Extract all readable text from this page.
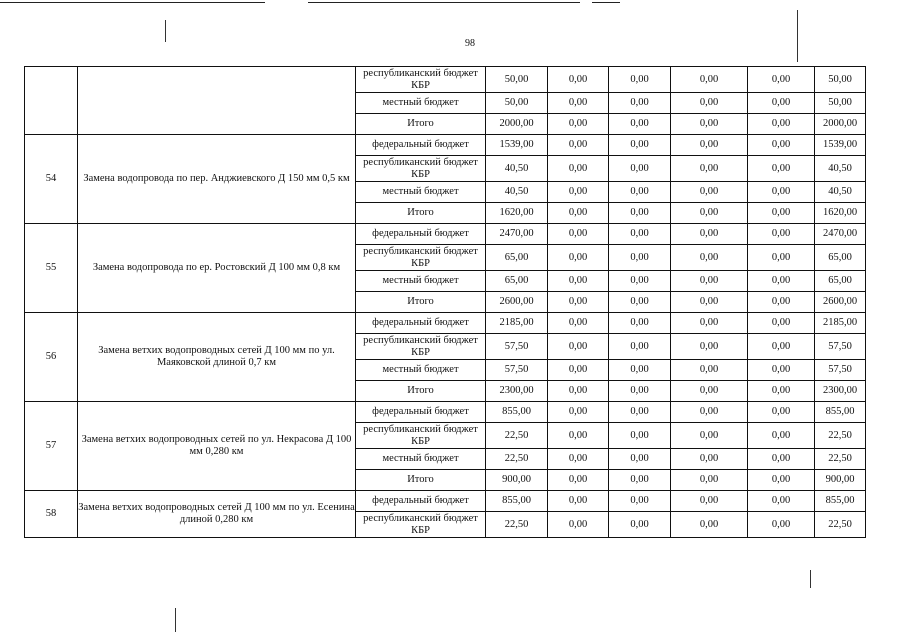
98
		республиканский бюджет КБР	50,00	0,00	0,00	0,00	0,00	50,00
		местный бюджет	50,00	0,00	0,00	0,00	0,00	50,00
		Итого	2000,00	0,00	0,00	0,00	0,00	2000,00
54	Замена водопровода по пер. Анджиевского Д 150 мм 0,5 км	федеральный бюджет	1539,00	0,00	0,00	0,00	0,00	1539,00
		республиканский бюджет КБР	40,50	0,00	0,00	0,00	0,00	40,50
		местный бюджет	40,50	0,00	0,00	0,00	0,00	40,50
		Итого	1620,00	0,00	0,00	0,00	0,00	1620,00
55	Замена водопровода по ер. Ростовский Д 100 мм 0,8 км	федеральный бюджет	2470,00	0,00	0,00	0,00	0,00	2470,00
		республиканский бюджет КБР	65,00	0,00	0,00	0,00	0,00	65,00
		местный бюджет	65,00	0,00	0,00	0,00	0,00	65,00
		Итого	2600,00	0,00	0,00	0,00	0,00	2600,00
56	Замена ветхих водопроводных сетей Д 100 мм по ул. Маяковской длиной 0,7 км	федеральный бюджет	2185,00	0,00	0,00	0,00	0,00	2185,00
		республиканский бюджет КБР	57,50	0,00	0,00	0,00	0,00	57,50
		местный бюджет	57,50	0,00	0,00	0,00	0,00	57,50
		Итого	2300,00	0,00	0,00	0,00	0,00	2300,00
57	Замена ветхих водопроводных сетей по ул. Некрасова Д 100 мм 0,280 км	федеральный бюджет	855,00	0,00	0,00	0,00	0,00	855,00
		республиканский бюджет КБР	22,50	0,00	0,00	0,00	0,00	22,50
		местный бюджет	22,50	0,00	0,00	0,00	0,00	22,50
		Итого	900,00	0,00	0,00	0,00	0,00	900,00
58	Замена ветхих водопроводных сетей Д 100 мм по ул. Есенина длиной 0,280 км	федеральный бюджет	855,00	0,00	0,00	0,00	0,00	855,00
		республиканский бюджет КБР	22,50	0,00	0,00	0,00	0,00	22,50
